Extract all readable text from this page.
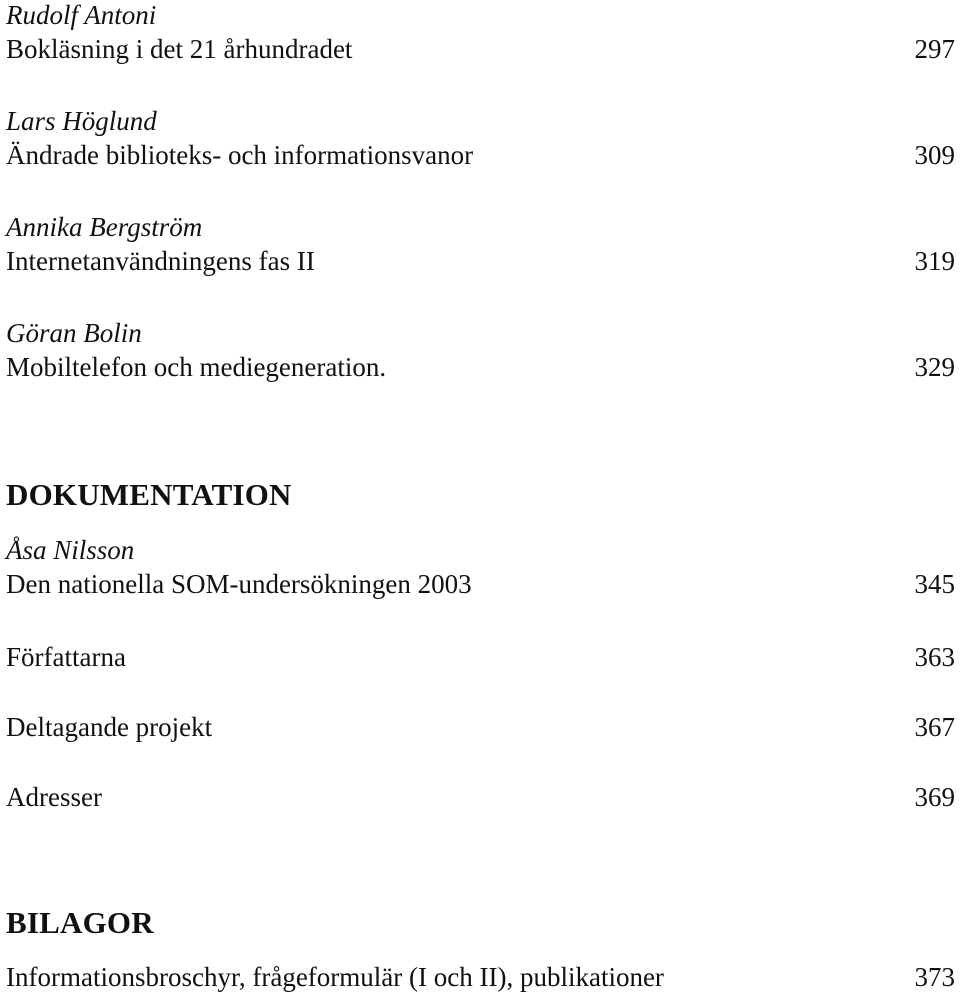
Rudolf Antoni
Bokläsning i det 21 århundradet	297
Lars Höglund
Ändrade biblioteks- och informationsvanor	309
Annika Bergström
Internetanvändningens fas II	319
Göran Bolin
Mobiltelefon och mediegeneration.	329
DOKUMENTATION
Åsa Nilsson
Den nationella SOM-undersökningen 2003	345
Författarna	363
Deltagande projekt	367
Adresser	369
BILAGOR
Informationsbroschyr, frågeformulär (I och II), publikationer	373
